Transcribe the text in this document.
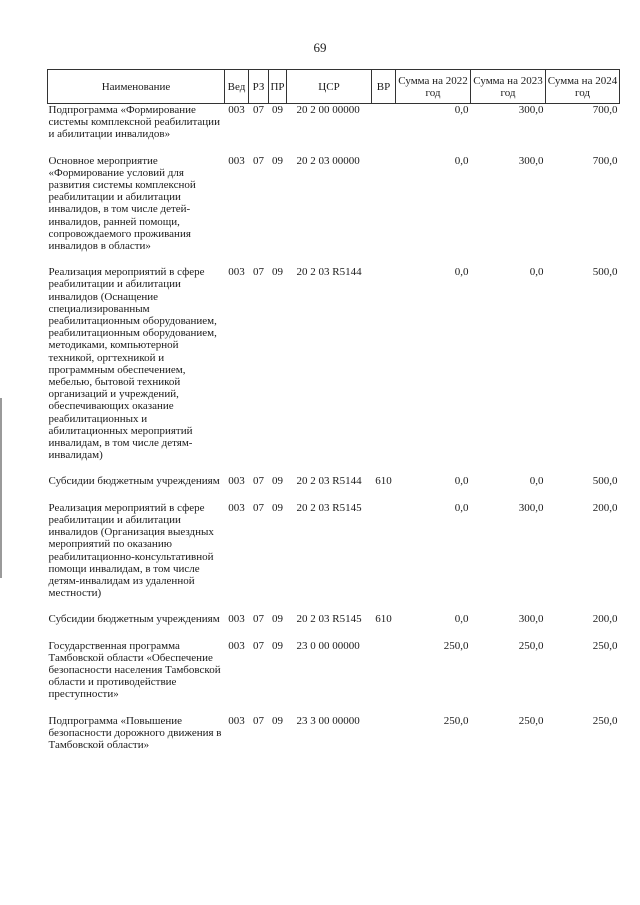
69
Наименование	Вед	РЗ	ПР	ЦСР	ВР	Сумма на 2022 год	Сумма на 2023 год	Сумма на 2024 год
Подпрограмма «Формирование системы комплексной реабилитации и абилитации инвалидов»	003	07	09	20 2 00 00000		0,0	300,0	700,0

Основное мероприятие «Формирование условий для развития системы комплексной реабилитации и абилитации инвалидов, в том числе детей-инвалидов, ранней помощи, сопровождаемого проживания инвалидов в области»	003	07	09	20 2 03 00000		0,0	300,0	700,0

Реализация мероприятий в сфере реабилитации и абилитации инвалидов (Оснащение специализированным реабилитационным оборудованием, реабилитационным оборудованием, методиками, компьютерной техникой, оргтехникой и программным обеспечением, мебелью, бытовой техникой организаций и учреждений, обеспечивающих оказание реабилитационных и абилитационных мероприятий инвалидам, в том числе детям-инвалидам)	003	07	09	20 2 03 R5144		0,0	0,0	500,0

Субсидии бюджетным учреждениям	003	07	09	20 2 03 R5144	610	0,0	0,0	500,0

Реализация мероприятий в сфере реабилитации и абилитации инвалидов (Организация выездных мероприятий по оказанию реабилитационно-консультативной помощи инвалидам, в том числе детям-инвалидам из удаленной местности)	003	07	09	20 2 03 R5145		0,0	300,0	200,0

Субсидии бюджетным учреждениям	003	07	09	20 2 03 R5145	610	0,0	300,0	200,0

Государственная программа Тамбовской области «Обеспечение безопасности населения Тамбовской области и противодействие преступности»	003	07	09	23 0 00 00000		250,0	250,0	250,0

Подпрограмма «Повышение безопасности дорожного движения в Тамбовской области»	003	07	09	23 3 00 00000		250,0	250,0	250,0
